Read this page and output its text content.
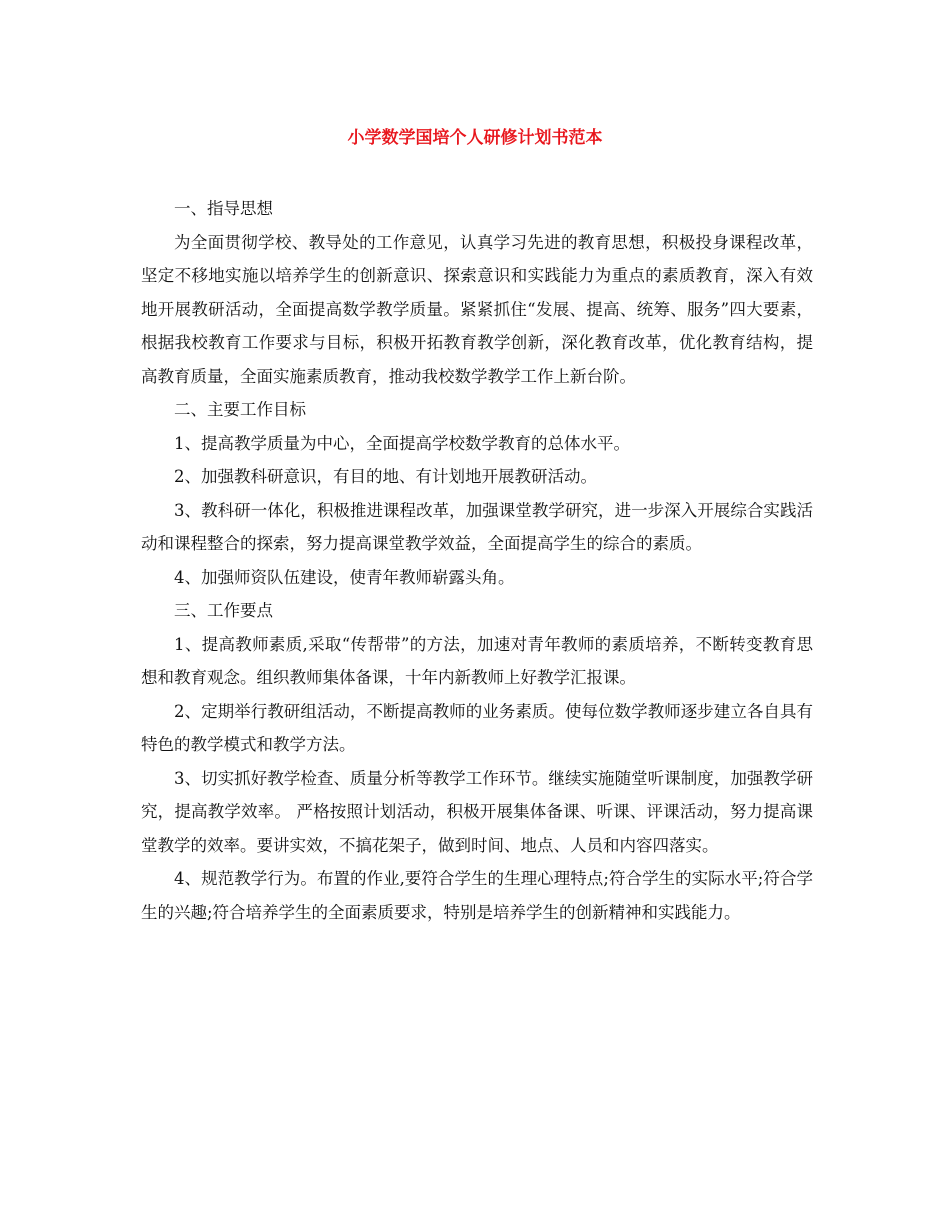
小学数学国培个人研修计划书范本

一、指导思想

为全面贯彻学校、教导处的工作意见，认真学习先进的教育思想，积极投身课程改革，坚定不移地实施以培养学生的创新意识、探索意识和实践能力为重点的素质教育，深入有效地开展教研活动，全面提高数学教学质量。紧紧抓住“发展、提高、统筹、服务”四大要素，根据我校教育工作要求与目标，积极开拓教育教学创新，深化教育改革，优化教育结构，提高教育质量，全面实施素质教育，推动我校数学教学工作上新台阶。

二、主要工作目标

1、提高教学质量为中心，全面提高学校数学教育的总体水平。

2、加强教科研意识，有目的地、有计划地开展教研活动。

3、教科研一体化，积极推进课程改革，加强课堂教学研究，进一步深入开展综合实践活动和课程整合的探索，努力提高课堂教学效益，全面提高学生的综合的素质。

4、加强师资队伍建设，使青年教师崭露头角。

三、工作要点

1、提高教师素质,采取“传帮带”的方法，加速对青年教师的素质培养，不断转变教育思想和教育观念。组织教师集体备课，十年内新教师上好教学汇报课。

2、定期举行教研组活动，不断提高教师的业务素质。使每位数学教师逐步建立各自具有特色的教学模式和教学方法。

3、切实抓好教学检查、质量分析等教学工作环节。继续实施随堂听课制度，加强教学研究，提高教学效率。 严格按照计划活动，积极开展集体备课、听课、评课活动，努力提高课堂教学的效率。要讲实效，不搞花架子，做到时间、地点、人员和内容四落实。

4、规范教学行为。布置的作业,要符合学生的生理心理特点;符合学生的实际水平;符合学生的兴趣;符合培养学生的全面素质要求，特别是培养学生的创新精神和实践能力。
